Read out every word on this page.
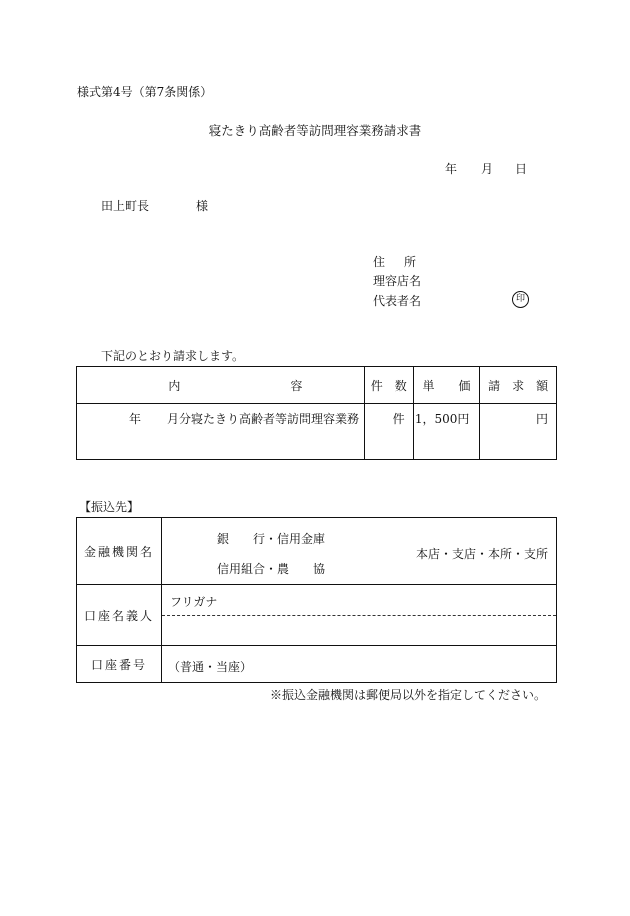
様式第4号（第7条関係）
寝たきり高齢者等訪問理容業務請求書
年 月 日
田上町長	様
住所
理容店名
代表者名	印
下記のとおり請求します。
内 容	件　数	単　　価	請　求　額

年 月分寝たきり高齢者等訪問理容業務	件	1，500円	円
【振込先】
金融機関名	銀　　行・信用金庫
信用組合・農　　協
本店・支店・本所・支所

口座名義人	フリガナ

口座番号	（普通・当座）
※振込金融機関は郵便局以外を指定してください。
